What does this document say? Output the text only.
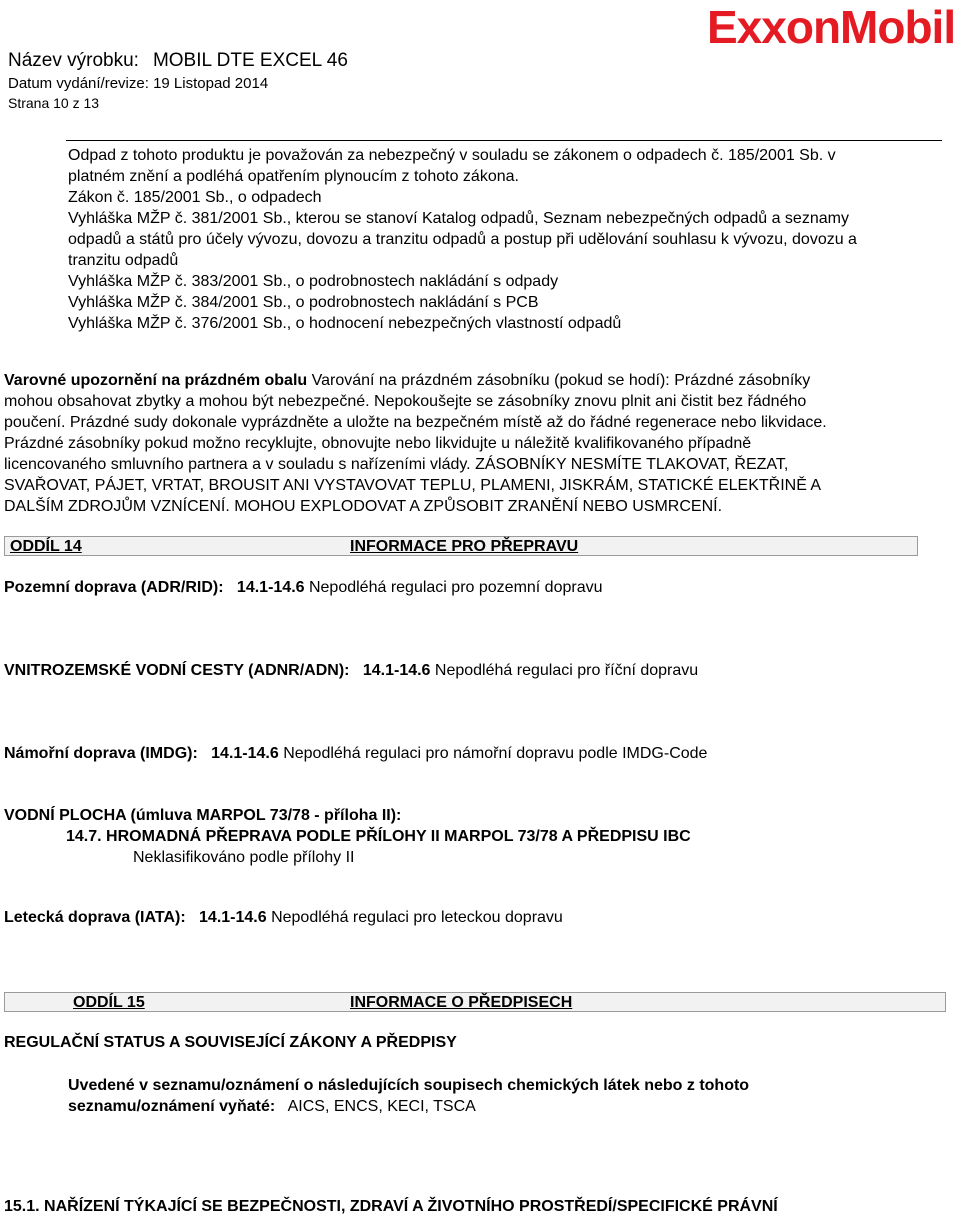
Název výrobku: MOBIL DTE EXCEL 46
Datum vydání/revize: 19 Listopad 2014
Strana 10 z 13
ExxonMobil
Odpad z tohoto produktu je považován za nebezpečný v souladu se zákonem o odpadech č. 185/2001 Sb. v
platném znění a podléhá opatřením plynoucím z tohoto zákona.
Zákon č. 185/2001 Sb., o odpadech
Vyhláška MŽP č. 381/2001 Sb., kterou se stanoví Katalog odpadů, Seznam nebezpečných odpadů a seznamy
odpadů a států pro účely vývozu, dovozu a tranzitu odpadů a postup při udělování souhlasu k vývozu, dovozu a
tranzitu odpadů
Vyhláška MŽP č. 383/2001 Sb., o podrobnostech nakládání s odpady
Vyhláška MŽP č. 384/2001 Sb., o podrobnostech nakládání s PCB
Vyhláška MŽP č. 376/2001 Sb., o hodnocení nebezpečných vlastností odpadů
Varovné upozornění na prázdném obalu Varování na prázdném zásobníku (pokud se hodí): Prázdné zásobníky
mohou obsahovat zbytky a mohou být nebezpečné. Nepokoušejte se zásobníky znovu plnit ani čistit bez řádného
poučení. Prázdné sudy dokonale vyprázdněte a uložte na bezpečném místě až do řádné regenerace nebo likvidace.
Prázdné zásobníky pokud možno recyklujte, obnovujte nebo likvidujte u náležitě kvalifikovaného případně
licencovaného smluvního partnera a v souladu s nařízeními vlády. ZÁSOBNÍKY NESMÍTE TLAKOVAT, ŘEZAT,
SVAŘOVAT, PÁJET, VRTAT, BROUSIT ANI VYSTAVOVAT TEPLU, PLAMENI, JISKRÁM, STATICKÉ ELEKTŘINĚ A
DALŠÍM ZDROJŮM VZNÍCENÍ. MOHOU EXPLODOVAT A ZPŮSOBIT ZRANĚNÍ NEBO USMRCENÍ.
ODDÍL 14	INFORMACE PRO PŘEPRAVU
Pozemní doprava (ADR/RID): 14.1-14.6 Nepodléhá regulaci pro pozemní dopravu
VNITROZEMSKÉ VODNÍ CESTY (ADNR/ADN): 14.1-14.6 Nepodléhá regulaci pro říční dopravu
Námořní doprava (IMDG): 14.1-14.6 Nepodléhá regulaci pro námořní dopravu podle IMDG-Code
VODNÍ PLOCHA (úmluva MARPOL 73/78 - příloha II):
14.7. HROMADNÁ PŘEPRAVA PODLE PŘÍLOHY II MARPOL 73/78 A PŘEDPISU IBC
Neklasifikováno podle přílohy II
Letecká doprava (IATA): 14.1-14.6 Nepodléhá regulaci pro leteckou dopravu
ODDÍL 15	INFORMACE O PŘEDPISECH
REGULAČNÍ STATUS A SOUVISEJÍCÍ ZÁKONY A PŘEDPISY
Uvedené v seznamu/oznámení o následujících soupisech chemických látek nebo z tohoto
seznamu/oznámení vyňaté: AICS, ENCS, KECI, TSCA
15.1. NAŘÍZENÍ TÝKAJÍCÍ SE BEZPEČNOSTI, ZDRAVÍ A ŽIVOTNÍHO PROSTŘEDÍ/SPECIFICKÉ PRÁVNÍ
